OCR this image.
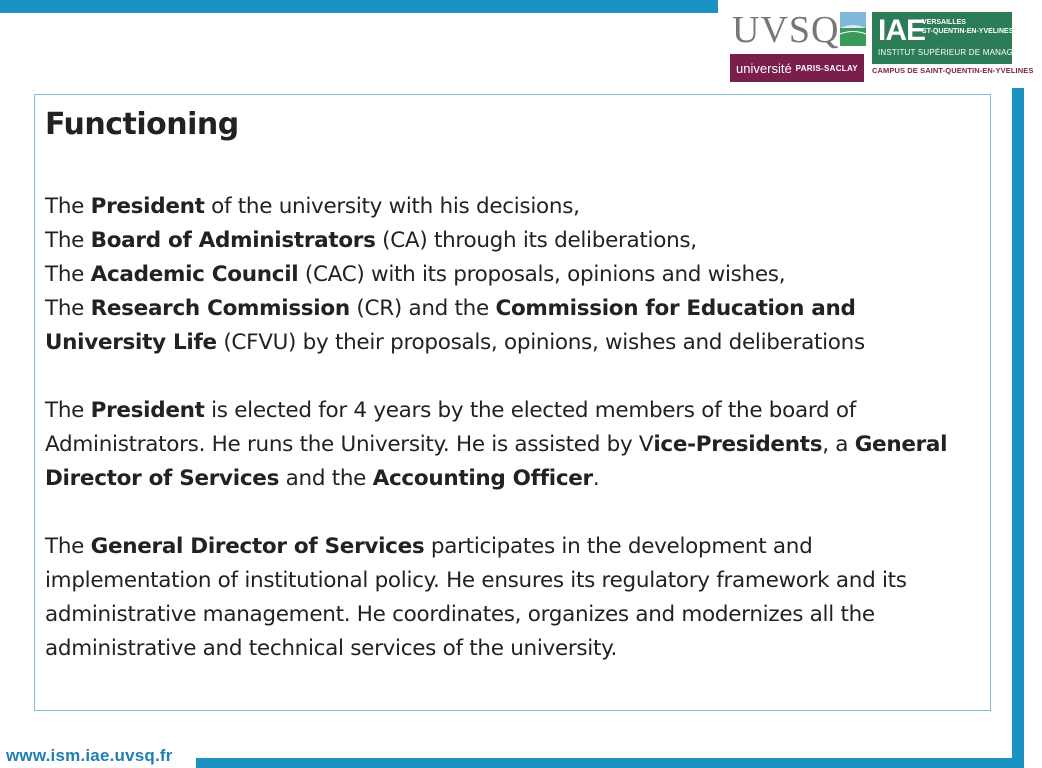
UVSQ
université PARIS-SACLAY
IAE
VERSAILLES
ST-QUENTIN-EN-YVELINES
INSTITUT SUPÉRIEUR DE MANAGEMENT
CAMPUS DE SAINT-QUENTIN-EN-YVELINES
Functioning

The President of the university with his decisions,
The Board of Administrators (CA) through its deliberations,
The Academic Council (CAC) with its proposals, opinions and wishes,
The Research Commission (CR) and the Commission for Education and University Life (CFVU) by their proposals, opinions, wishes and deliberations

The President is elected for 4 years by the elected members of the board of Administrators. He runs the University. He is assisted by Vice-Presidents, a General Director of Services and the Accounting Officer.

The General Director of Services participates in the development and implementation of institutional policy. He ensures its regulatory framework and its administrative management. He coordinates, organizes and modernizes all the administrative and technical services of the university.

www.ism.iae.uvsq.fr
